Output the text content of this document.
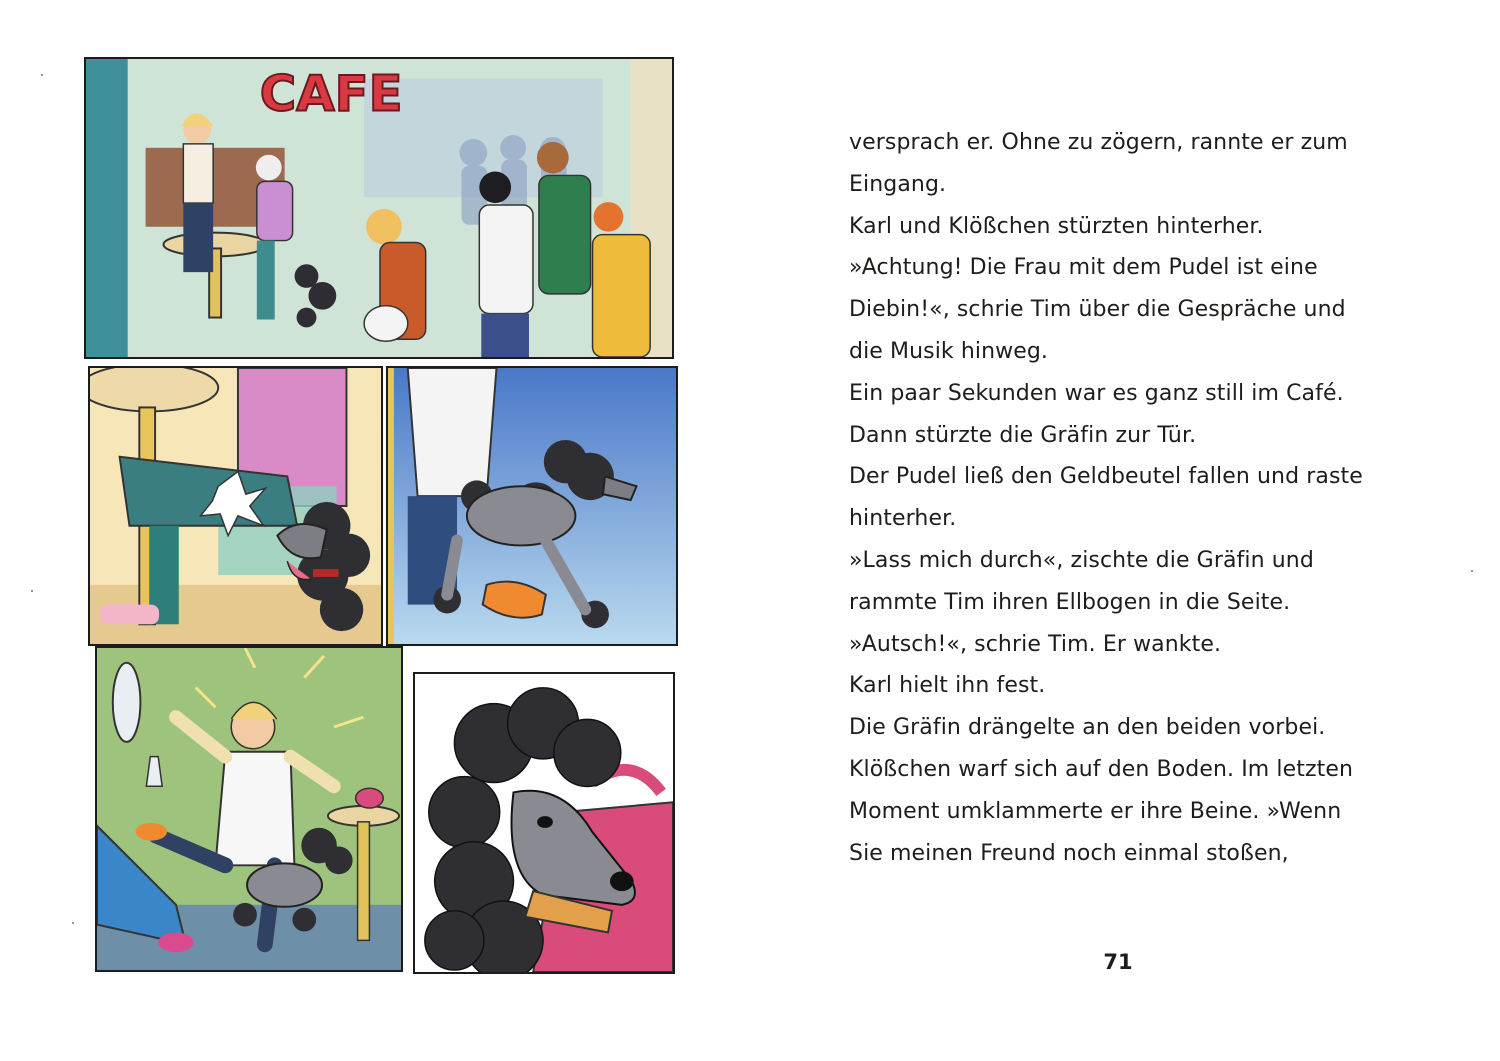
CAFE
versprach er. Ohne zu zögern, rannte er zum
Eingang.
Karl und Klößchen stürzten hinterher.
»Achtung! Die Frau mit dem Pudel ist eine
Diebin!«, schrie Tim über die Gespräche und
die Musik hinweg.
Ein paar Sekunden war es ganz still im Café.
Dann stürzte die Gräfin zur Tür.
Der Pudel ließ den Geldbeutel fallen und raste
hinterher.
»Lass mich durch«, zischte die Gräfin und
rammte Tim ihren Ellbogen in die Seite.
»Autsch!«, schrie Tim. Er wankte.
Karl hielt ihn fest.
Die Gräfin drängelte an den beiden vorbei.
Klößchen warf sich auf den Boden. Im letzten
Moment umklammerte er ihre Beine. »Wenn
Sie meinen Freund noch einmal stoßen,
71
